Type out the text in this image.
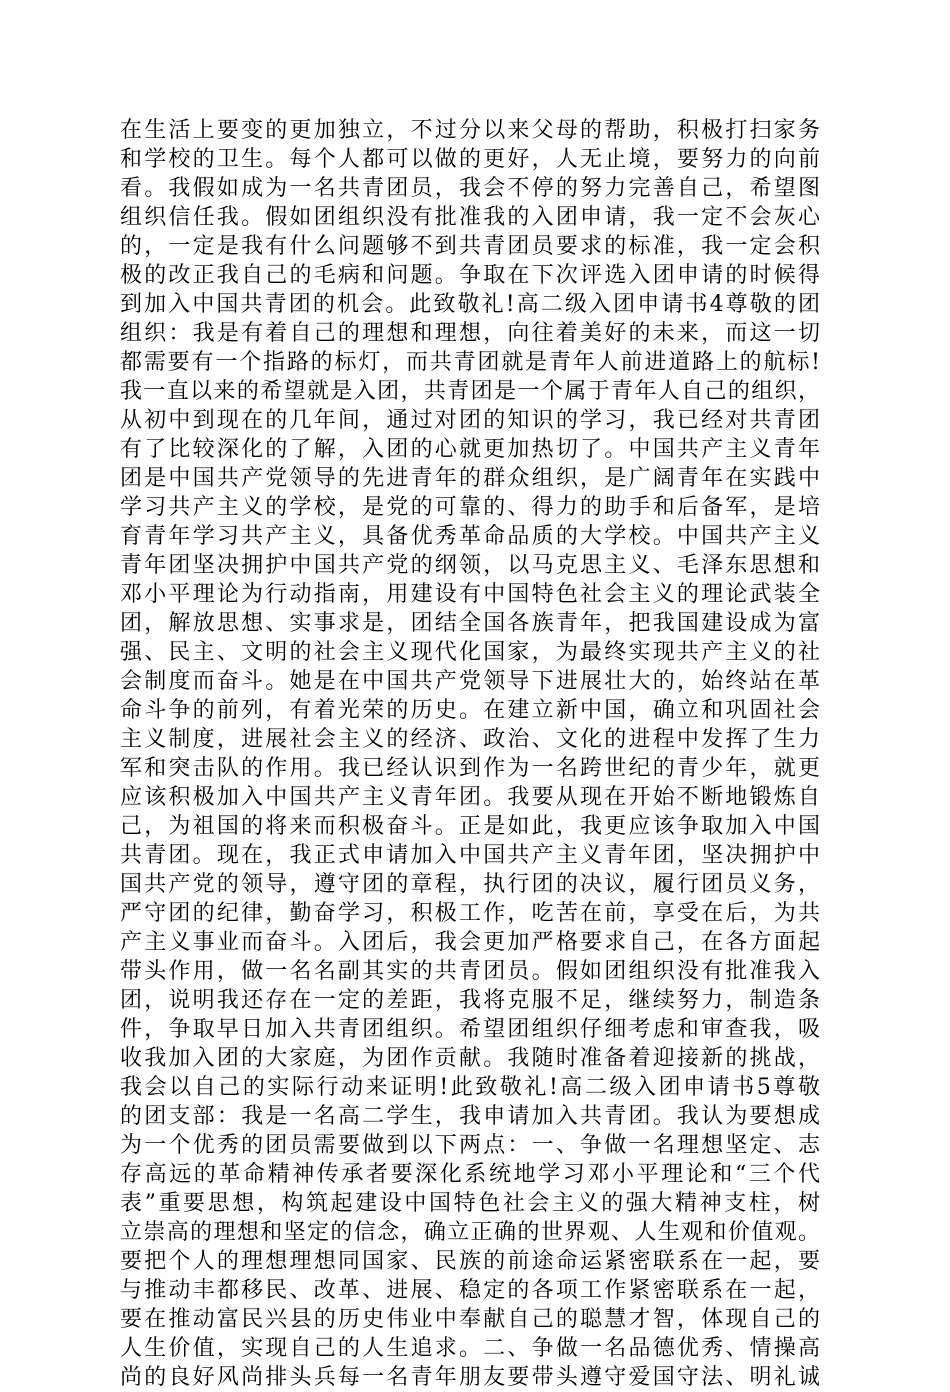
在生活上要变的更加独立，不过分以来父母的帮助，积极打扫家务
和学校的卫生。每个人都可以做的更好，人无止境，要努力的向前
看。我假如成为一名共青团员，我会不停的努力完善自己，希望图
组织信任我。假如团组织没有批准我的入团申请，我一定不会灰心
的，一定是我有什么问题够不到共青团员要求的标准，我一定会积
极的改正我自己的毛病和问题。争取在下次评选入团申请的时候得
到加入中国共青团的机会。此致敬礼!高二级入团申请书4尊敬的团
组织：我是有着自己的理想和理想，向往着美好的未来，而这一切
都需要有一个指路的标灯，而共青团就是青年人前进道路上的航标!
我一直以来的希望就是入团，共青团是一个属于青年人自己的组织，
从初中到现在的几年间，通过对团的知识的学习，我已经对共青团
有了比较深化的了解，入团的心就更加热切了。中国共产主义青年
团是中国共产党领导的先进青年的群众组织，是广阔青年在实践中
学习共产主义的学校，是党的可靠的、得力的助手和后备军，是培
育青年学习共产主义，具备优秀革命品质的大学校。中国共产主义
青年团坚决拥护中国共产党的纲领，以马克思主义、毛泽东思想和
邓小平理论为行动指南，用建设有中国特色社会主义的理论武装全
团，解放思想、实事求是，团结全国各族青年，把我国建设成为富
强、民主、文明的社会主义现代化国家，为最终实现共产主义的社
会制度而奋斗。她是在中国共产党领导下进展壮大的，始终站在革
命斗争的前列，有着光荣的历史。在建立新中国，确立和巩固社会
主义制度，进展社会主义的经济、政治、文化的进程中发挥了生力
军和突击队的作用。我已经认识到作为一名跨世纪的青少年，就更
应该积极加入中国共产主义青年团。我要从现在开始不断地锻炼自
己，为祖国的将来而积极奋斗。正是如此，我更应该争取加入中国
共青团。现在，我正式申请加入中国共产主义青年团，坚决拥护中
国共产党的领导，遵守团的章程，执行团的决议，履行团员义务，
严守团的纪律，勤奋学习，积极工作，吃苦在前，享受在后，为共
产主义事业而奋斗。入团后，我会更加严格要求自己，在各方面起
带头作用，做一名名副其实的共青团员。假如团组织没有批准我入
团，说明我还存在一定的差距，我将克服不足，继续努力，制造条
件，争取早日加入共青团组织。希望团组织仔细考虑和审查我，吸
收我加入团的大家庭，为团作贡献。我随时准备着迎接新的挑战，
我会以自己的实际行动来证明!此致敬礼!高二级入团申请书5尊敬
的团支部：我是一名高二学生，我申请加入共青团。我认为要想成
为一个优秀的团员需要做到以下两点：一、争做一名理想坚定、志
存高远的革命精神传承者要深化系统地学习邓小平理论和“三个代
表”重要思想，构筑起建设中国特色社会主义的强大精神支柱，树
立崇高的理想和坚定的信念，确立正确的世界观、人生观和价值观。
要把个人的理想理想同国家、民族的前途命运紧密联系在一起，要
与推动丰都移民、改革、进展、稳定的各项工作紧密联系在一起，
要在推动富民兴县的历史伟业中奉献自己的聪慧才智，体现自己的
人生价值，实现自己的人生追求。二、争做一名品德优秀、情操高
尚的良好风尚排头兵每一名青年朋友要带头遵守爱国守法、明礼诚
